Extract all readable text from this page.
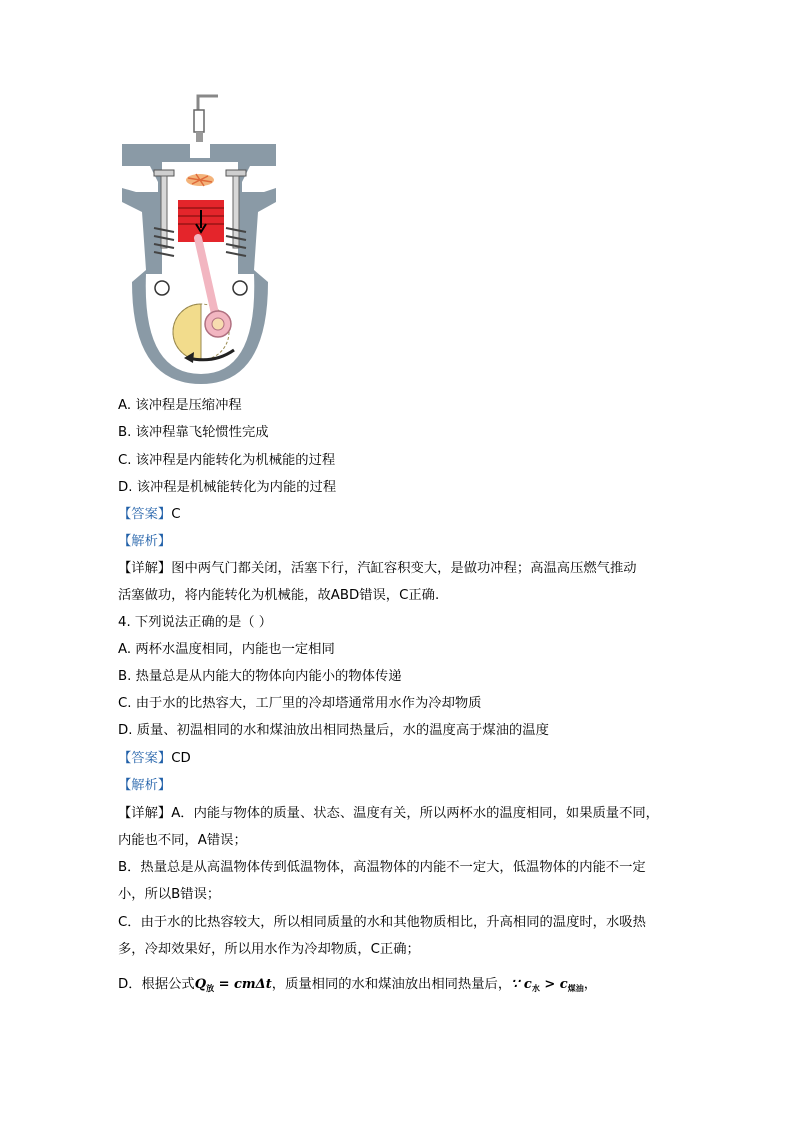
A. 该冲程是压缩冲程
B. 该冲程靠飞轮惯性完成
C. 该冲程是内能转化为机械能的过程
D. 该冲程是机械能转化为内能的过程
【答案】C
【解析】
【详解】图中两气门都关闭，活塞下行，汽缸容积变大，是做功冲程；高温高压燃气推动
活塞做功，将内能转化为机械能，故ABD错误，C正确.
4. 下列说法正确的是（ ）
A. 两杯水温度相同，内能也一定相同
B. 热量总是从内能大的物体向内能小的物体传递
C. 由于水的比热容大，工厂里的冷却塔通常用水作为冷却物质
D. 质量、初温相同的水和煤油放出相同热量后，水的温度高于煤油的温度
【答案】CD
【解析】
【详解】A．内能与物体的质量、状态、温度有关，所以两杯水的温度相同，如果质量不同，
内能也不同，A错误；
B．热量总是从高温物体传到低温物体，高温物体的内能不一定大，低温物体的内能不一定
小，所以B错误；
C．由于水的比热容较大，所以相同质量的水和其他物质相比，升高相同的温度时，水吸热
多，冷却效果好，所以用水作为冷却物质，C正确；
D．根据公式$Q_放 = cm\Delta t$，质量相同的水和煤油放出相同热量后，∵ $c_水 > c_{煤油}$，
